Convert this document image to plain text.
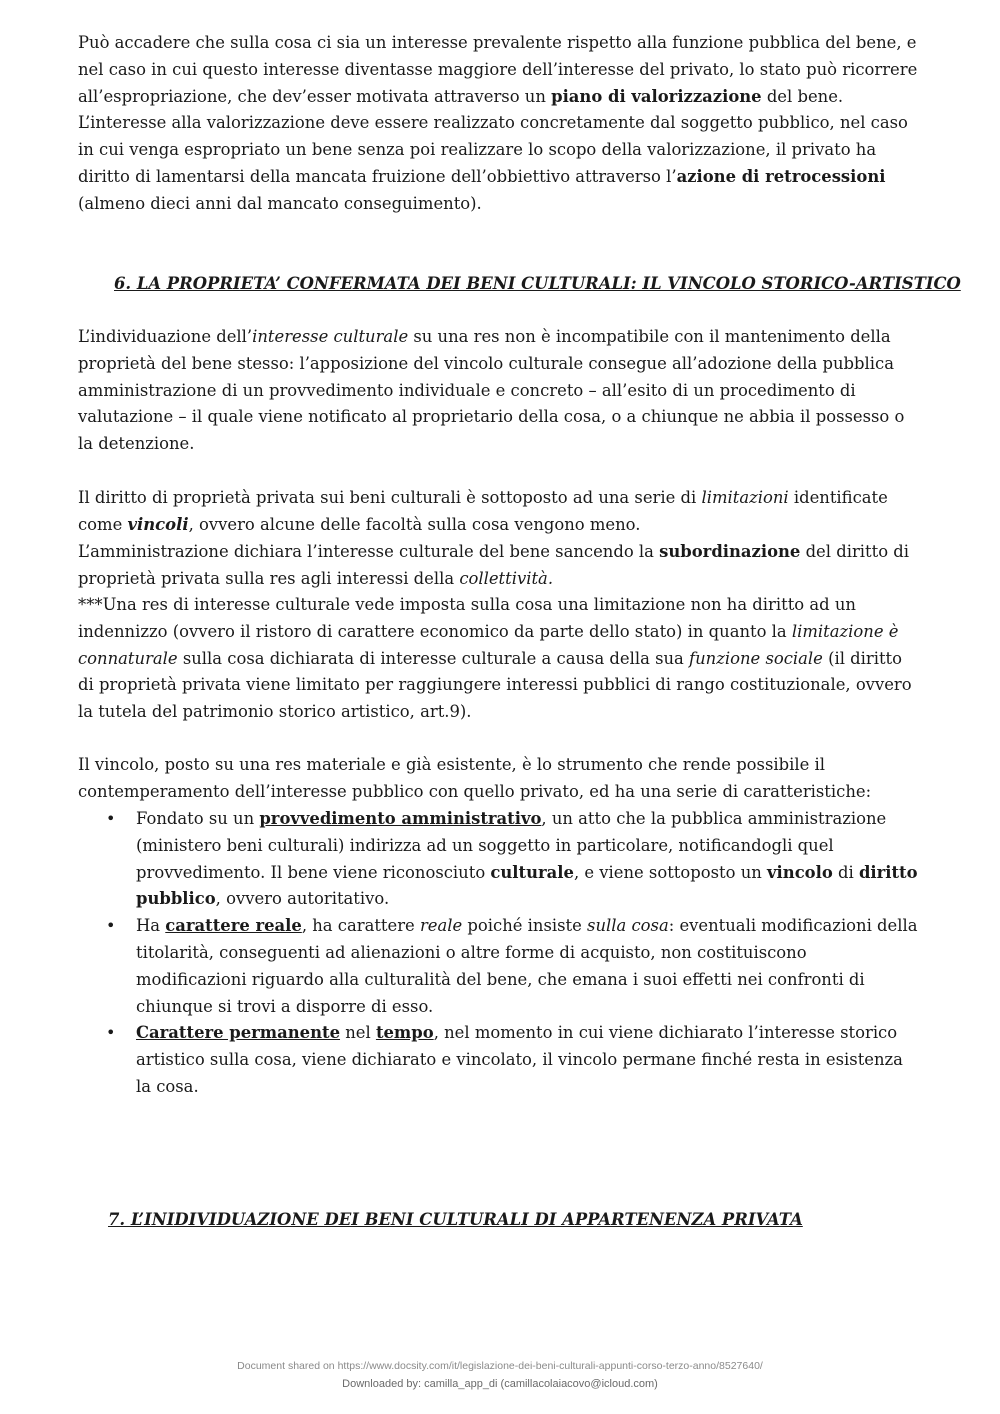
Può accadere che sulla cosa ci sia un interesse prevalente rispetto alla funzione pubblica del bene, e nel caso in cui questo interesse diventasse maggiore dell’interesse del privato, lo stato può ricorrere all’espropriazione, che dev’esser motivata attraverso un piano di valorizzazione del bene. L’interesse alla valorizzazione deve essere realizzato concretamente dal soggetto pubblico, nel caso in cui venga espropriato un bene senza poi realizzare lo scopo della valorizzazione, il privato ha diritto di lamentarsi della mancata fruizione dell’obbiettivo attraverso l’azione di retrocessioni (almeno dieci anni dal mancato conseguimento).

6. LA PROPRIETA’ CONFERMATA DEI BENI CULTURALI: IL VINCOLO STORICO-ARTISTICO

L’individuazione dell’interesse culturale su una res non è incompatibile con il mantenimento della proprietà del bene stesso: l’apposizione del vincolo culturale consegue all’adozione della pubblica amministrazione di un provvedimento individuale e concreto – all’esito di un procedimento di valutazione – il quale viene notificato al proprietario della cosa, o a chiunque ne abbia il possesso o la detenzione.

Il diritto di proprietà privata sui beni culturali è sottoposto ad una serie di limitazioni identificate come vincoli, ovvero alcune delle facoltà sulla cosa vengono meno.

L’amministrazione dichiara l’interesse culturale del bene sancendo la subordinazione del diritto di proprietà privata sulla res agli interessi della collettività.

***Una res di interesse culturale vede imposta sulla cosa una limitazione non ha diritto ad un indennizzo (ovvero il ristoro di carattere economico da parte dello stato) in quanto la limitazione è connaturale sulla cosa dichiarata di interesse culturale a causa della sua funzione sociale (il diritto di proprietà privata viene limitato per raggiungere interessi pubblici di rango costituzionale, ovvero la tutela del patrimonio storico artistico, art.9).

Il vincolo, posto su una res materiale e già esistente, è lo strumento che rende possibile il contemperamento dell’interesse pubblico con quello privato, ed ha una serie di caratteristiche:

• Fondato su un provvedimento amministrativo, un atto che la pubblica amministrazione (ministero beni culturali) indirizza ad un soggetto in particolare, notificandogli quel provvedimento. Il bene viene riconosciuto culturale, e viene sottoposto un vincolo di diritto pubblico, ovvero autoritativo.
• Ha carattere reale, ha carattere reale poiché insiste sulla cosa: eventuali modificazioni della titolarità, conseguenti ad alienazioni o altre forme di acquisto, non costituiscono modificazioni riguardo alla culturalità del bene, che emana i suoi effetti nei confronti di chiunque si trovi a disporre di esso.
• Carattere permanente nel tempo, nel momento in cui viene dichiarato l’interesse storico artistico sulla cosa, viene dichiarato e vincolato, il vincolo permane finché resta in esistenza la cosa.

7. L’INIDIVIDUAZIONE DEI BENI CULTURALI DI APPARTENENZA PRIVATA

Document shared on https://www.docsity.com/it/legislazione-dei-beni-culturali-appunti-corso-terzo-anno/8527640/

Downloaded by: camilla_app_di (camillacolaiacovo@icloud.com)
